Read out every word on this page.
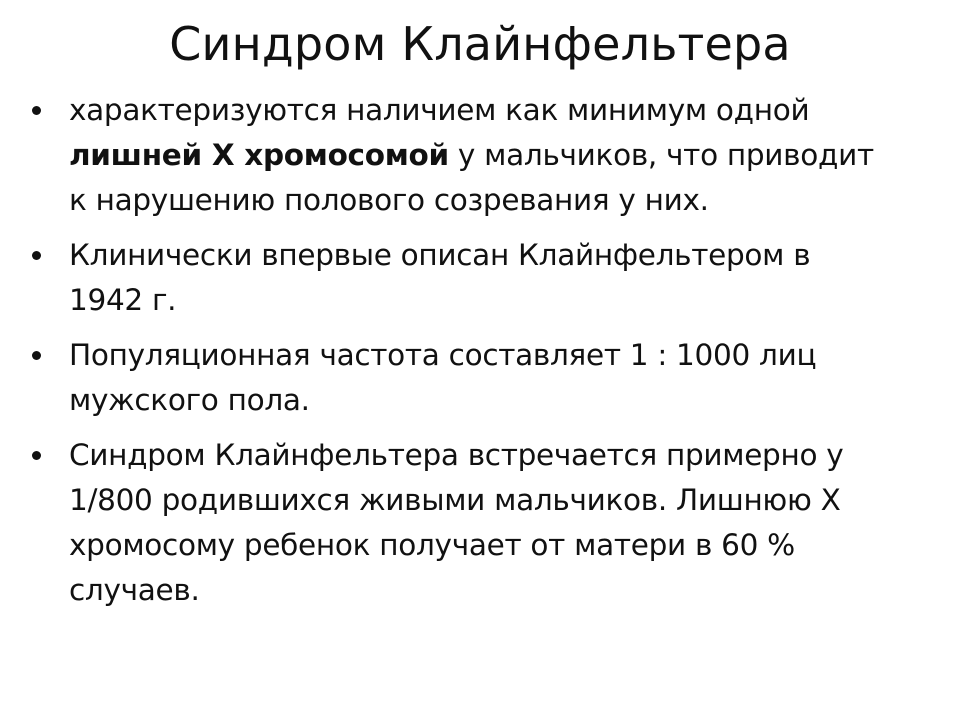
Синдром Клайнфельтера
характеризуются наличием как минимум одной
лишней Х хромосомой у мальчиков, что приводит
к нарушению полового созревания у них.
Клинически впервые описан Клайнфельтером в
1942 г.
Популяционная частота составляет 1 : 1000 лиц
мужского пола.
Синдром Клайнфельтера встречается примерно у
1/800 родившихся живыми мальчиков. Лишнюю Х
хромосому ребенок получает от матери в 60 %
случаев.
